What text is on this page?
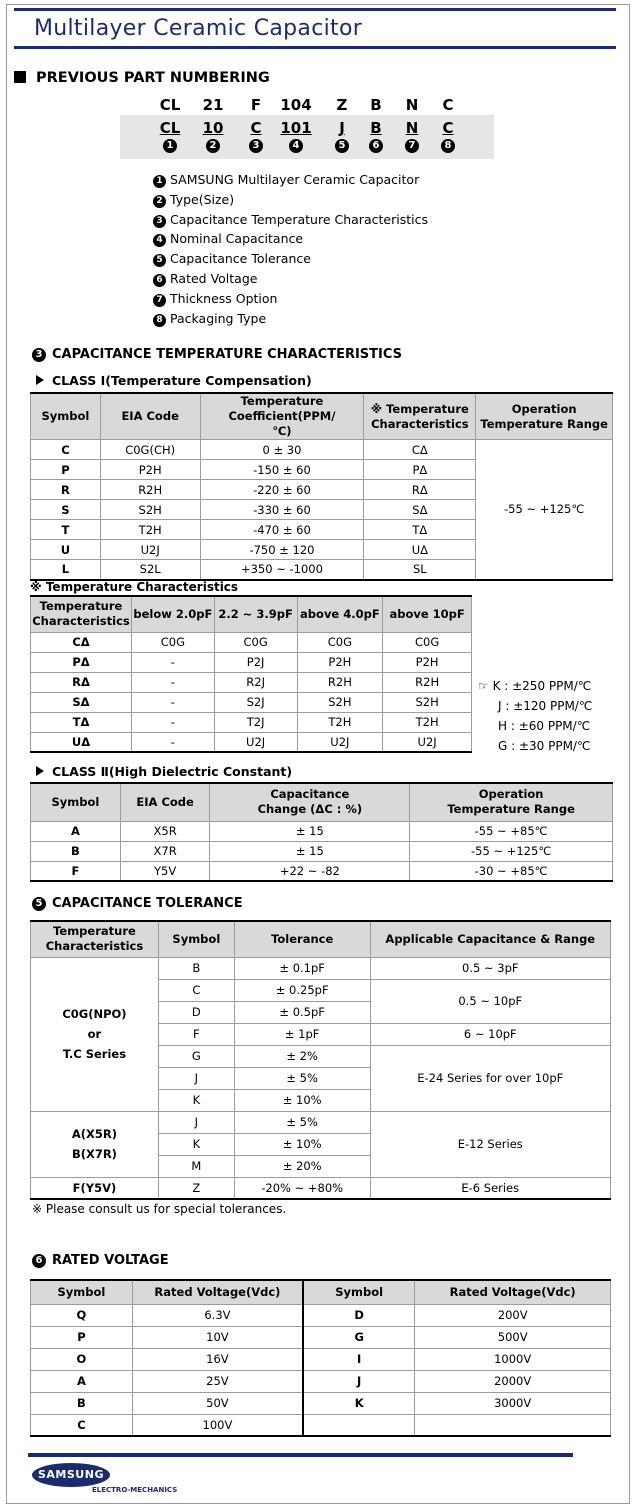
Multilayer Ceramic Capacitor
PREVIOUS PART NUMBERING
1 SAMSUNG Multilayer Ceramic Capacitor
2 Type(Size)
3 Capacitance Temperature Characteristics
4 Nominal Capacitance
5 Capacitance Tolerance
6 Rated Voltage
7 Thickness Option
8 Packaging Type
3 CAPACITANCE TEMPERATURE CHARACTERISTICS
CLASS Ⅰ(Temperature Compensation)
Symbol	EIA Code	Temperature Coefficient(PPM/℃)	※ Temperature Characteristics	Operation Temperature Range
C	C0G(CH)	0 ± 30	CΔ	-55 ~ +125℃
P	P2H	-150 ± 60	PΔ	
R	R2H	-220 ± 60	RΔ	
S	S2H	-330 ± 60	SΔ	
T	T2H	-470 ± 60	TΔ	
U	U2J	-750 ± 120	UΔ	
L	S2L	+350 ~ -1000	SL	
※ Temperature Characteristics
Temperature Characteristics	below 2.0pF	2.2 ~ 3.9pF	above 4.0pF	above 10pF
CΔ	C0G	C0G	C0G	C0G
PΔ	-	P2J	P2H	P2H
RΔ	-	R2J	R2H	R2H
SΔ	-	S2J	S2H	S2H
TΔ	-	T2J	T2H	T2H
UΔ	-	U2J	U2J	U2J
☞ K : ±250 PPM/℃
J : ±120 PPM/℃
H : ±60 PPM/℃
G : ±30 PPM/℃
CLASS Ⅱ(High Dielectric Constant)
Symbol	EIA Code	Capacitance Change (ΔC : %)	Operation Temperature Range
A	X5R	± 15	-55 ~ +85℃
B	X7R	± 15	-55 ~ +125℃
F	Y5V	+22 ~ -82	-30 ~ +85℃
5 CAPACITANCE TOLERANCE
Temperature Characteristics	Symbol	Tolerance	Applicable Capacitance & Range

C0G(NPO)
or
T.C Series	B	± 0.1pF	0.5 ~ 3pF
	C	± 0.25pF	0.5 ~ 10pF
	D	± 0.5pF	
	F	± 1pF	6 ~ 10pF
	G	± 2%	E-24 Series for over 10pF
	J	± 5%	
	K	± 10%	

A(X5R)
B(X7R)	J	± 5%	E-12 Series
	K	± 10%	
	M	± 20%	
F(Y5V)	Z	-20% ~ +80%	E-6 Series
※ Please consult us for special tolerances.
6 RATED VOLTAGE
Symbol	Rated Voltage(Vdc)	Symbol	Rated Voltage(Vdc)
Q	6.3V	D	200V
P	10V	G	500V
O	16V	I	1000V
A	25V	J	2000V
B	50V	K	3000V
C	100V		
SAMSUNG
ELECTRO-MECHANICS
CL	21	F	104	Z	B	N	C
CL	10	C	101	J	B	N	C
1	2	3	4	5	6	7	8
